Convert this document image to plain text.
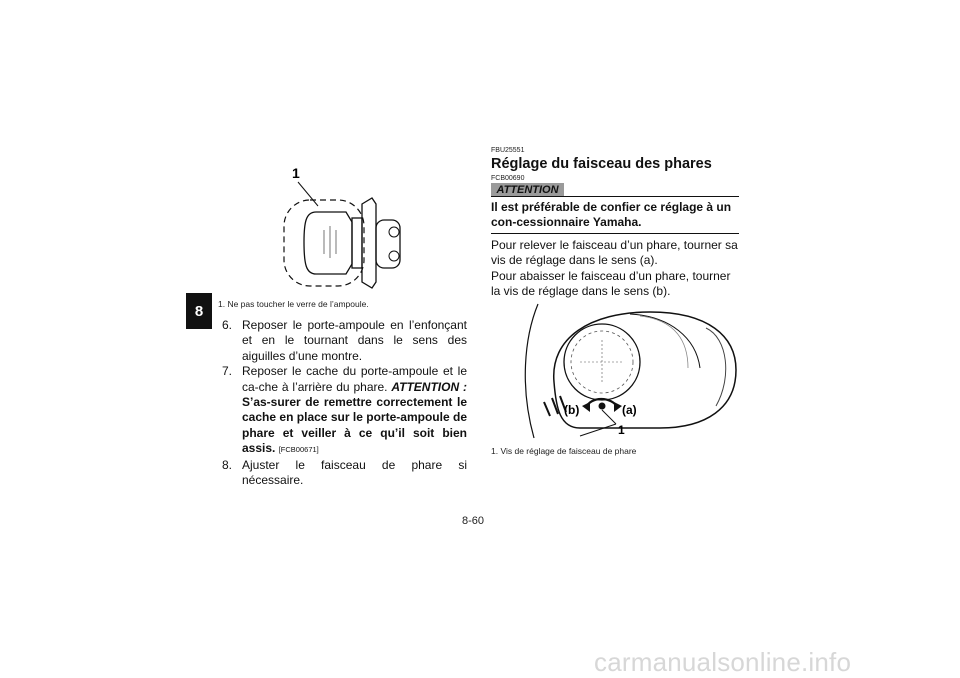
8
1
1. Ne pas toucher le verre de l’ampoule.
6. Reposer le porte-ampoule en l’enfonçant et en le tournant dans le sens des aiguilles d’une montre.
7. Reposer le cache du porte-ampoule et le ca-che à l’arrière du phare. ATTENTION : S’as-surer de remettre correctement le cache en place sur le porte-ampoule de phare et veiller à ce qu’il soit bien assis. [FCB00671]
8. Ajuster le faisceau de phare si nécessaire.
FBU25551
Réglage du faisceau des phares
FCB00690
ATTENTION
Il est préférable de confier ce réglage à un con-cessionnaire Yamaha.
Pour relever le faisceau d’un phare, tourner sa vis de réglage dans le sens (a).
Pour abaisser le faisceau d’un phare, tourner la vis de réglage dans le sens (b).
(b)	(a)
1
1. Vis de réglage de faisceau de phare
8-60
carmanualsonline.info
